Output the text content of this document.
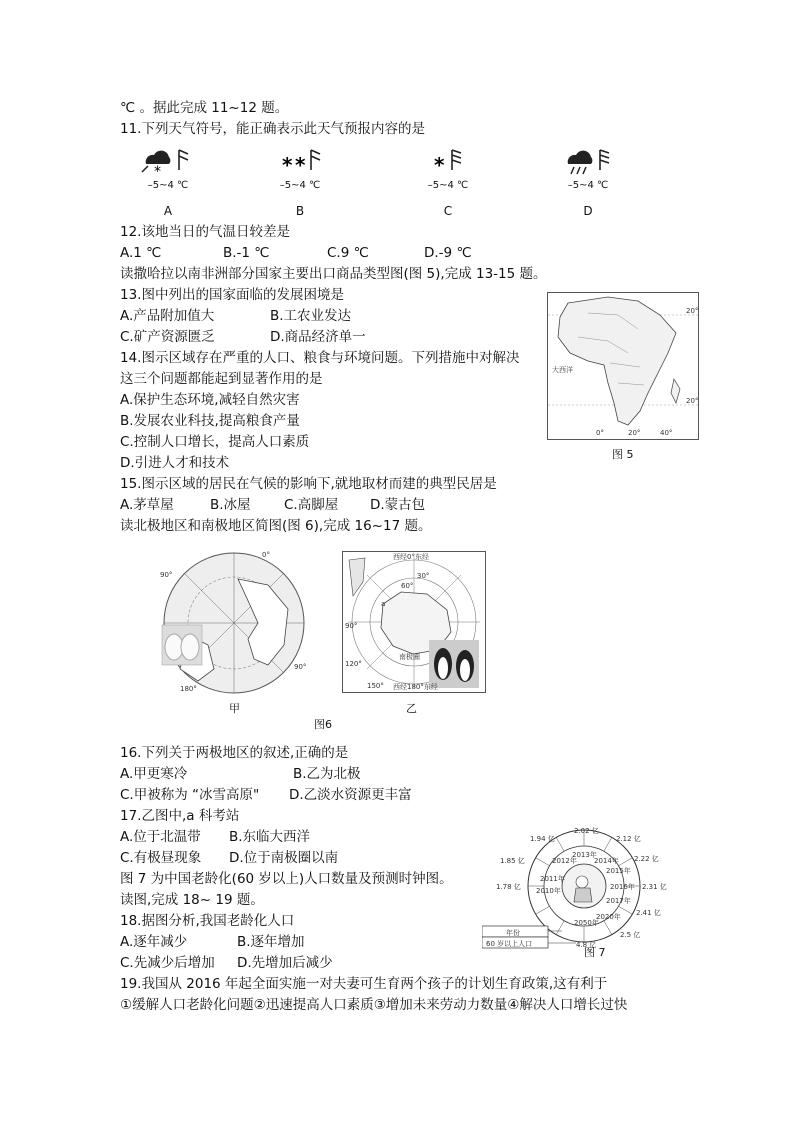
℃ 。据此完成 11~12 题。
11.下列天气符号，能正确表示此天气预报内容的是
*
–5~4 ℃
A
* *
–5~4 ℃
B
*
–5~4 ℃
C
–5~4 ℃
D
12.该地当日的气温日较差是
A.1 ℃	B.-1 ℃	C.9 ℃	D.-9 ℃
读撒哈拉以南非洲部分国家主要出口商品类型图(图 5),完成 13-15 题。
13.图中列出的国家面临的发展困境是
A.产品附加值大	B.工农业发达
C.矿产资源匮乏	D.商品经济单一
14.图示区域存在严重的人口、粮食与环境问题。下列措施中对解决
这三个问题都能起到显著作用的是
A.保护生态环境,减轻自然灾害
B.发展农业科技,提高粮食产量
C.控制人口增长，提高人口素质
D.引进人才和技术
15.图示区域的居民在气候的影响下,就地取材而建的典型民居是
A.茅草屋	B.冰屋 C.高脚屋 D.蒙古包
读北极地区和南极地区简图(图 6),完成 16~17 题。
20°
20°
0°	20°	40°
大西洋
图 5
0°
90°
90°
180°
甲
西经0°东经
90°
120°
150° 西经180°东经
60°
30°
a
南极圈
乙
图6
16.下列关于两极地区的叙述,正确的是
A.甲更寒冷	B.乙为北极
C.甲被称为 “冰雪高原" D.乙淡水资源更丰富
17.乙图中,a 科考站
A.位于北温带 B.东临大西洋
C.有极昼现象 D.位于南极圈以南
图 7 为中国老龄化(60 岁以上)人口数量及预测时钟图。
读图,完成 18~ 19 题。
18.据图分析,我国老龄化人口
A.逐年减少	B.逐年增加
C.先减少后增加 D.先增加后减少
19.我国从 2016 年起全面实施一对夫妻可生育两个孩子的计划生育政策,这有利于
①缓解人口老龄化问题②迅速提高人口素质③增加未来劳动力数量④解决人口增长过快
2013年
2014年
2015年
2016年
2017年
2020年
2050年
2011年
2010年
2012年
2.02 亿
2.12 亿
2.22 亿
2.31 亿
2.41 亿
2.5 亿
4.8 亿
1.94 亿
1.85 亿
1.78 亿
年份
60 岁以上人口
图 7
